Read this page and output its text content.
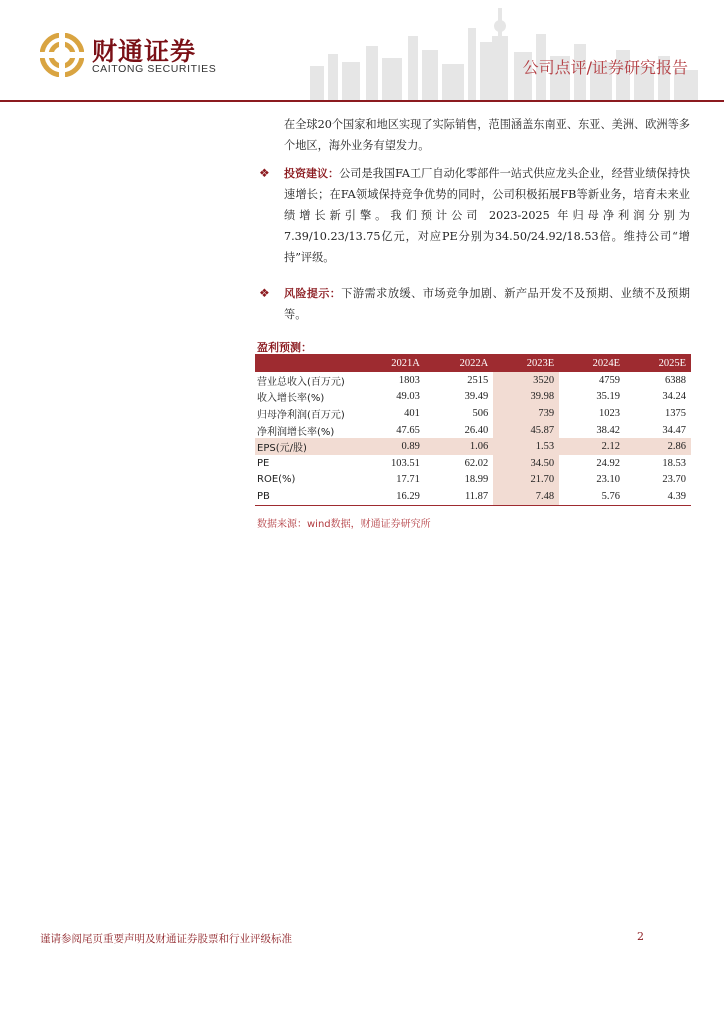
财通证券
CAITONG SECURITIES	公司点评/证券研究报告
在全球20个国家和地区实现了实际销售，范围涵盖东南亚、东亚、美洲、欧洲等多个地区，海外业务有望发力。
❖ 投资建议：公司是我国FA工厂自动化零部件一站式供应龙头企业，经营业绩保持快速增长；在FA领域保持竞争优势的同时，公司积极拓展FB等新业务，培育未来业绩增长新引擎。我们预计公司 2023-2025 年归母净利润分别为7.39/10.23/13.75亿元，对应PE分别为34.50/24.92/18.53倍。维持公司“增持”评级。
❖ 风险提示：下游需求放缓、市场竞争加剧、新产品开发不及预期、业绩不及预期等。
盈利预测：
	2021A	2022A	2023E	2024E	2025E
营业总收入(百万元)	1803	2515	3520	4759	6388
收入增长率(%)	49.03	39.49	39.98	35.19	34.24
归母净利润(百万元)	401	506	739	1023	1375
净利润增长率(%)	47.65	26.40	45.87	38.42	34.47
EPS(元/股)	0.89	1.06	1.53	2.12	2.86
PE	103.51	62.02	34.50	24.92	18.53
ROE(%)	17.71	18.99	21.70	23.10	23.70
PB	16.29	11.87	7.48	5.76	4.39
数据来源：wind数据，财通证券研究所
谨请参阅尾页重要声明及财通证券股票和行业评级标准	2
